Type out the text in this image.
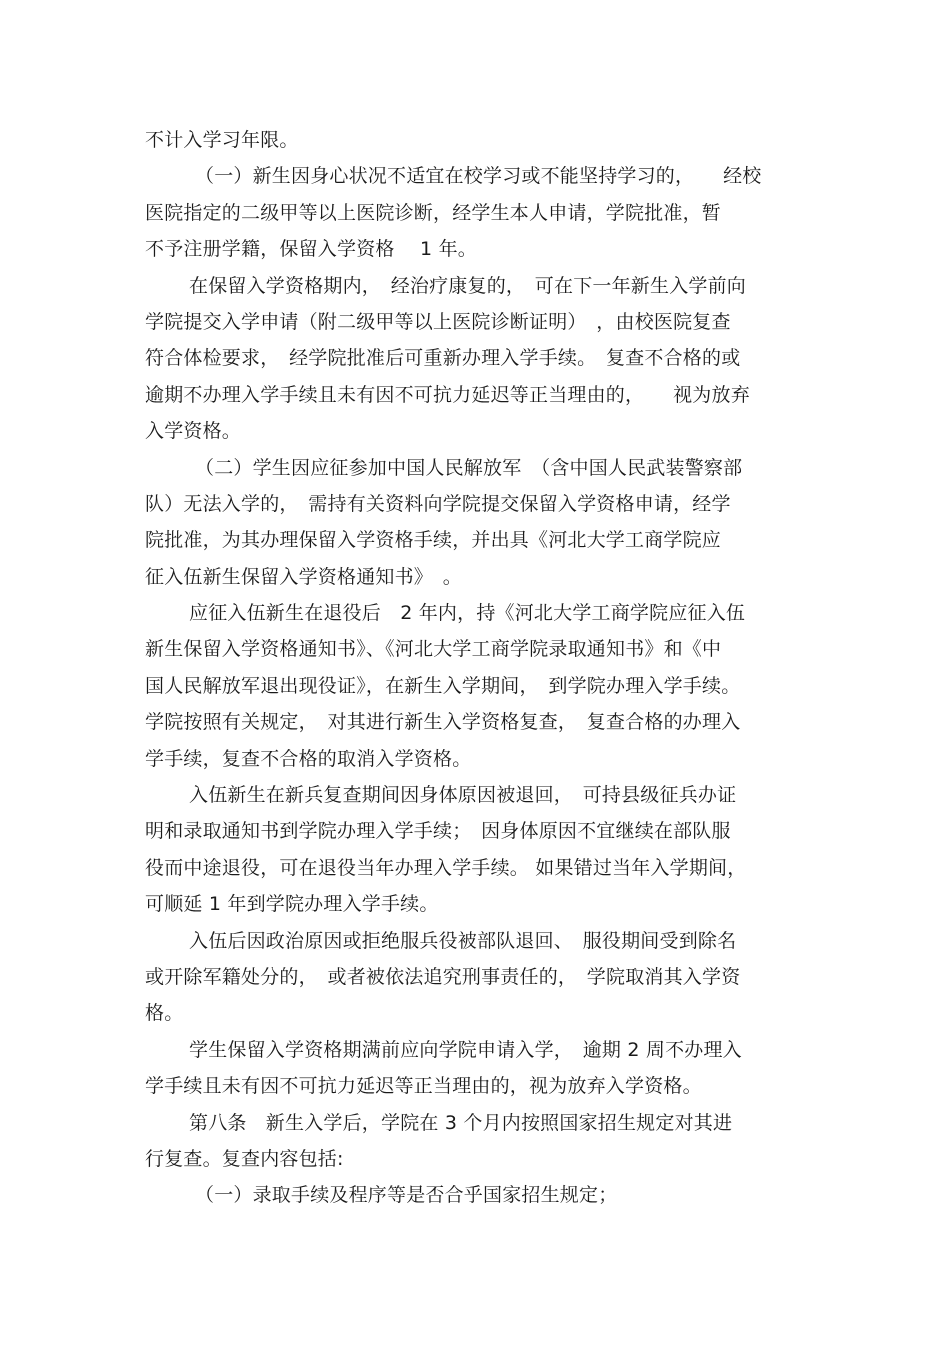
不计入学习年限。
（一）新生因身心状况不适宜在校学习或不能坚持学习的，　　经校
医院指定的二级甲等以上医院诊断，经学生本人申请，学院批准，暂
不予注册学籍，保留入学资格　 1 年。
在保留入学资格期内，　经治疗康复的，　可在下一年新生入学前向
学院提交入学申请（附二级甲等以上医院诊断证明）　，由校医院复查
符合体检要求，　经学院批准后可重新办理入学手续。　复查不合格的或
逾期不办理入学手续且未有因不可抗力延迟等正当理由的，　　视为放弃
入学资格。
（二）学生因应征参加中国人民解放军　（含中国人民武装警察部
队）无法入学的，　需持有关资料向学院提交保留入学资格申请，经学
院批准，为其办理保留入学资格手续，并出具《河北大学工商学院应
征入伍新生保留入学资格通知书》　。
应征入伍新生在退役后　2 年内，持《河北大学工商学院应征入伍
新生保留入学资格通知书》、《河北大学工商学院录取通知书》和《中
国人民解放军退出现役证》，在新生入学期间，　到学院办理入学手续。
学院按照有关规定，　对其进行新生入学资格复查，　复查合格的办理入
学手续，复查不合格的取消入学资格。
入伍新生在新兵复查期间因身体原因被退回，　可持县级征兵办证
明和录取通知书到学院办理入学手续；　因身体原因不宜继续在部队服
役而中途退役，可在退役当年办理入学手续。 如果错过当年入学期间，
可顺延 1 年到学院办理入学手续。
入伍后因政治原因或拒绝服兵役被部队退回、　服役期间受到除名
或开除军籍处分的，　或者被依法追究刑事责任的，　学院取消其入学资
格。
学生保留入学资格期满前应向学院申请入学，　逾期 2 周不办理入
学手续且未有因不可抗力延迟等正当理由的，视为放弃入学资格。
第八条　新生入学后，学院在 3 个月内按照国家招生规定对其进
行复查。复查内容包括:
（一）录取手续及程序等是否合乎国家招生规定；
